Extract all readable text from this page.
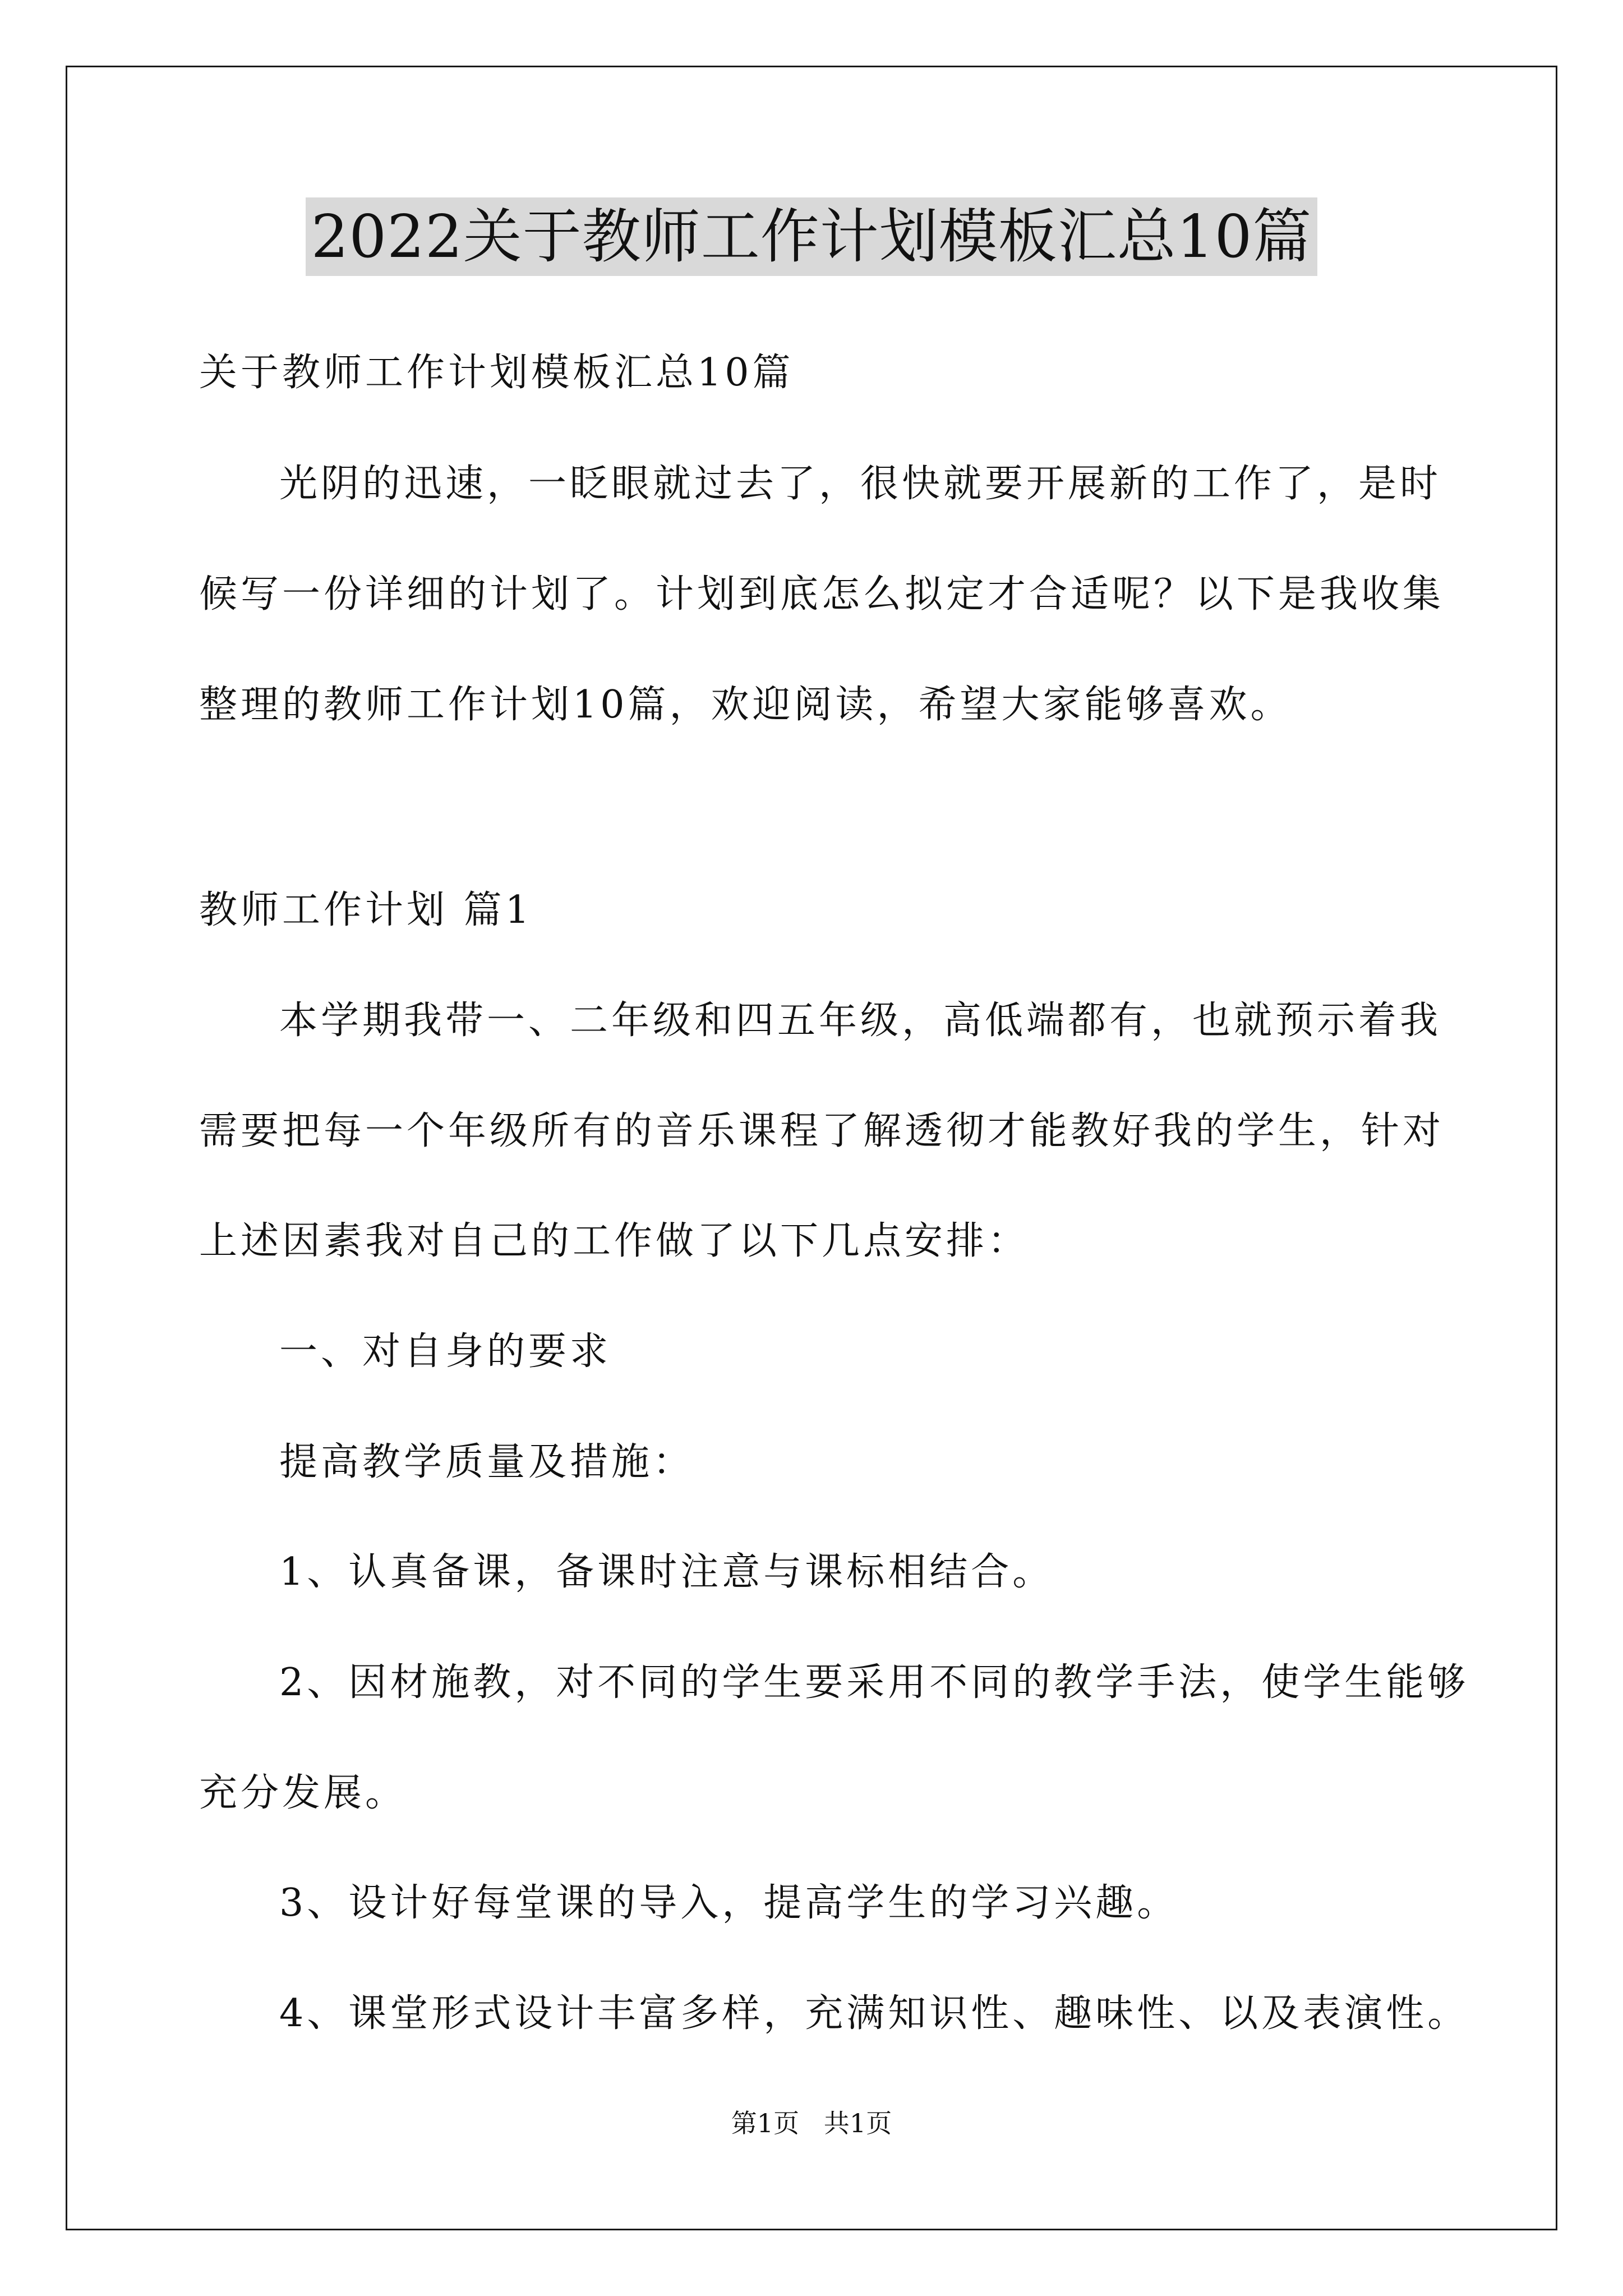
2022关于教师工作计划模板汇总10篇
关于教师工作计划模板汇总10篇
光阴的迅速，一眨眼就过去了，很快就要开展新的工作了，是时
候写一份详细的计划了。计划到底怎么拟定才合适呢？以下是我收集
整理的教师工作计划10篇，欢迎阅读，希望大家能够喜欢。
教师工作计划 篇1
本学期我带一、二年级和四五年级，高低端都有，也就预示着我
需要把每一个年级所有的音乐课程了解透彻才能教好我的学生，针对
上述因素我对自己的工作做了以下几点安排：
一、对自身的要求
提高教学质量及措施：
1、认真备课，备课时注意与课标相结合。
2、因材施教，对不同的学生要采用不同的教学手法，使学生能够
充分发展。
3、设计好每堂课的导入，提高学生的学习兴趣。
4、课堂形式设计丰富多样，充满知识性、趣味性、以及表演性。
第1页   共1页
